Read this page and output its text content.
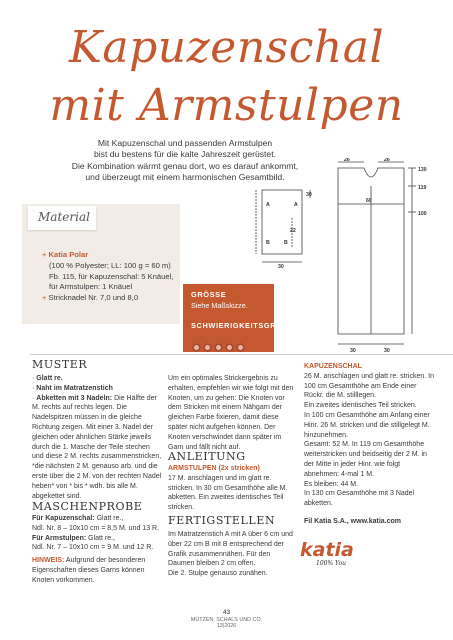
Kapuzenschal
mit Armstulpen
Mit Kapuzenschal und passenden Armstulpen
bist du bestens für die kalte Jahreszeit gerüstet.
Die Kombination wärmt genau dort, wo es darauf ankommt,
und überzeugt mit einem harmonischen Gesamtbild.
Material
+ Katia Polar
(100 % Polyester; LL: 100 g = 60 m)
Fb. 115, für Kapuzenschal: 5 Knäuel,
für Armstulpen: 1 Knäuel
+ Stricknadel Nr. 7,0 und 8,0	GRÖSSE
Siehe Maßskizze.
SCHWIERIGKEITSGRAD
A	A
B	B
22
30
30
26	26
60
30	30
130
119
100
MUSTER
· Glatt re.
· Naht im Matratzenstich
· Abketten mit 3 Nadeln: Die Hälfte der M. rechts auf rechts legen. Die Nadelspitzen müssen in die gleiche Richtung zeigen. Mit einer 3. Nadel der gleichen oder ähnlichen Stärke jeweils durch die 1. Masche der Teile stechen und diese 2 M. rechts zusammenstricken, *die nächsten 2 M. genauso arb. und die erste über die 2 M. von der rechten Nadel heben* von * bis * wdh. bis alle M. abgekettet sind.
MASCHENPROBE
Für Kapuzenschal: Glatt re.,
Ndl. Nr. 8 – 10x10 cm = 8,5 M. und 13 R.
Für Armstulpen: Glatt re.,
Ndl. Nr. 7 – 10x10 cm = 9 M. und 12 R.
HINWEIS: Aufgrund der besonderen Eigenschaften dieses Garns können Knoten vorkommen.
Um ein optimales Strickergebnis zu erhalten, empfehlen wir wie folgt mit den Knoten, um zu gehen: Die Knoten vor dem Stricken mit einem Nähgarn der gleichen Farbe fixieren, damit diese später nicht aufgehen können. Der Knoten verschwindet dann später im Garn und fällt nicht auf.
ANLEITUNG
ARMSTULPEN (2x stricken)
17 M. anschlagen und im glatt re. stricken. In 30 cm Gesamthöhe alle M. abketten. Ein zweites identisches Teil stricken.
FERTIGSTELLEN
Im Matratzenstich A mit A über 6 cm und über 22 cm B mit B entsprechend der Grafik zusammennähen. Für den Daumen bleiben 2 cm offen.
Die 2. Stulpe genauso zunähen.
KAPUZENSCHAL
26 M. anschlagen und glatt re. stricken. In 100 cm Gesamthöhe am Ende einer Rückr. die M. stilllegen.
Ein zweites identisches Teil stricken.
In 100 cm Gesamthöhe am Anfang einer Hinr. 26 M. stricken und die stillgelegt M. hinzunehmen.
Gesamt: 52 M. In 119 cm Gesamthöhe weiterstricken und beidseitig der 2 M. in der Mitte in jeder Hinr. wie folgt abnehmen: 4-mal 1 M.
Es bleiben: 44 M.
In 130 cm Gesamthöhe mit 3 Nadel abketten.
Fil Katia S.A., www.katia.com
katia
100% You
43
MÜTZEN, SCHALS UND CO.
13|2026
